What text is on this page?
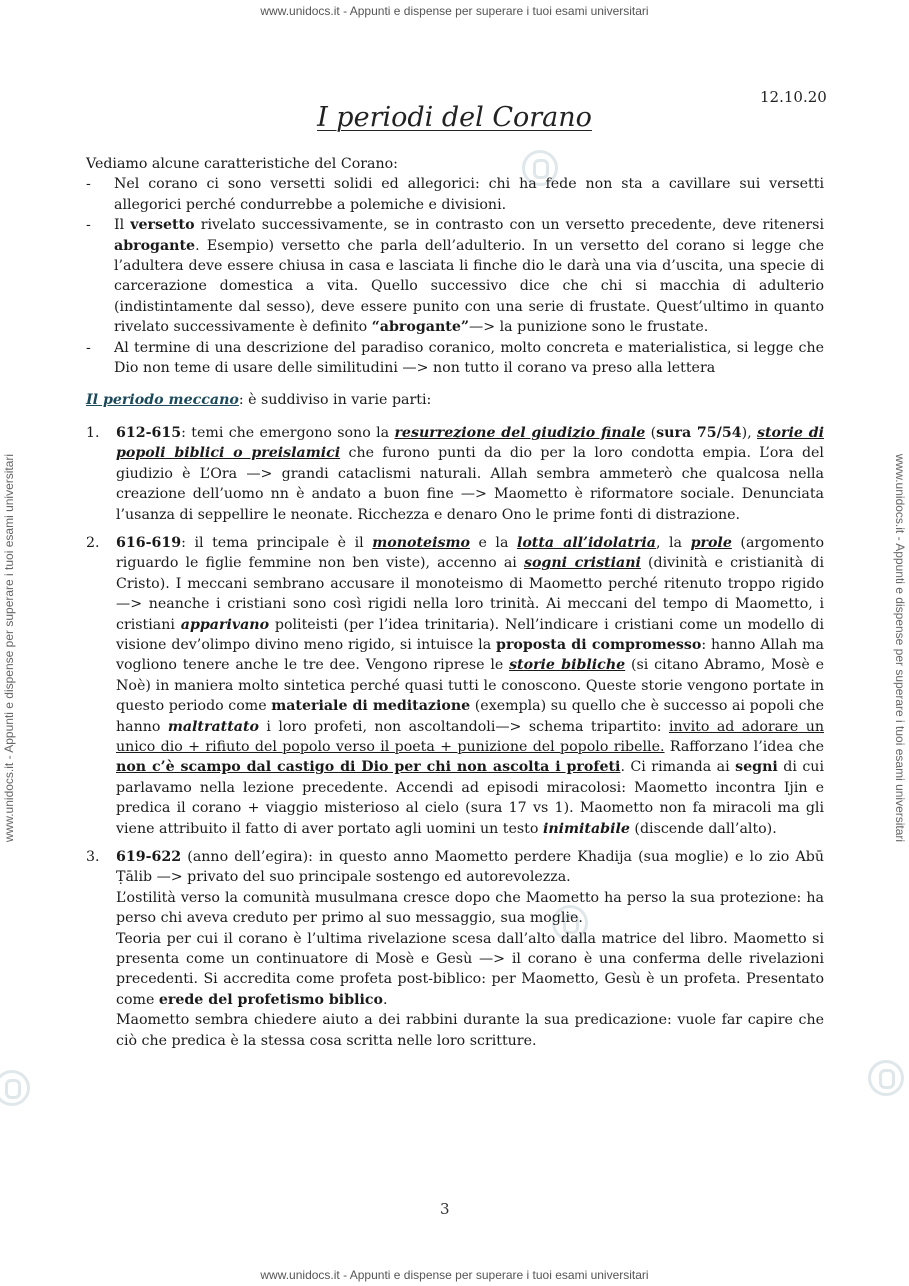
www.unidocs.it - Appunti e dispense per superare i tuoi esami universitari
www.unidocs.it - Appunti e dispense per superare i tuoi esami universitari
www.unidocs.it - Appunti e dispense per superare i tuoi esami universitari	www.unidocs.it - Appunti e dispense per superare i tuoi esami universitari
12.10.20
I periodi del Corano

Vediamo alcune caratteristiche del Corano:

- Nel corano ci sono versetti solidi ed allegorici: chi ha fede non sta a cavillare sui versetti allegorici perché condurrebbe a polemiche e divisioni.
- Il versetto rivelato successivamente, se in contrasto con un versetto precedente, deve ritenersi abrogante. Esempio) versetto che parla dell’adulterio. In un versetto del corano si legge che l’adultera deve essere chiusa in casa e lasciata li finche dio le darà una via d’uscita, una specie di carcerazione domestica a vita. Quello successivo dice che chi si macchia di adulterio (indistintamente dal sesso), deve essere punito con una serie di frustate. Quest’ultimo in quanto rivelato successivamente è definito “abrogante”—> la punizione sono le frustate.
- Al termine di una descrizione del paradiso coranico, molto concreta e materialistica, si legge che Dio non teme di usare delle similitudini —> non tutto il corano va preso alla lettera

Il periodo meccano: è suddiviso in varie parti:

1. 612-615: temi che emergono sono la resurrezione del giudizio finale (sura 75/54), storie di popoli biblici o preislamici che furono punti da dio per la loro condotta empia. L’ora del giudizio è L’Ora —> grandi cataclismi naturali. Allah sembra ammeterò che qualcosa nella creazione dell’uomo nn è andato a buon fine —> Maometto è riformatore sociale. Denunciata l’usanza di seppellire le neonate. Ricchezza e denaro Ono le prime fonti di distrazione.
2. 616-619: il tema principale è il monoteismo e la lotta all’idolatria, la prole (argomento riguardo le figlie femmine non ben viste), accenno ai sogni cristiani (divinità e cristianità di Cristo). I meccani sembrano accusare il monoteismo di Maometto perché ritenuto troppo rigido —> neanche i cristiani sono così rigidi nella loro trinità. Ai meccani del tempo di Maometto, i cristiani apparivano politeisti (per l’idea trinitaria). Nell’indicare i cristiani come un modello di visione dev’olimpo divino meno rigido, si intuisce la proposta di compromesso: hanno Allah ma vogliono tenere anche le tre dee. Vengono riprese le storie bibliche (si citano Abramo, Mosè e Noè) in maniera molto sintetica perché quasi tutti le conoscono. Queste storie vengono portate in questo periodo come materiale di meditazione (exempla) su quello che è successo ai popoli che hanno maltrattato i loro profeti, non ascoltandoli—> schema tripartito: invito ad adorare un unico dio + rifiuto del popolo verso il poeta + punizione del popolo ribelle. Rafforzano l’idea che non c’è scampo dal castigo di Dio per chi non ascolta i profeti. Ci rimanda ai segni di cui parlavamo nella lezione precedente. Accendi ad episodi miracolosi: Maometto incontra Ijin e predica il corano + viaggio misterioso al cielo (sura 17 vs 1). Maometto non fa miracoli ma gli viene attribuito il fatto di aver portato agli uomini un testo inimitabile (discende dall’alto).
3. 619-622 (anno dell’egira): in questo anno Maometto perdere Khadija (sua moglie) e lo zio Abū Ṭālib —> privato del suo principale sostengo ed autorevolezza.
L’ostilità verso la comunità musulmana cresce dopo che Maometto ha perso la sua protezione: ha perso chi aveva creduto per primo al suo messaggio, sua moglie.
Teoria per cui il corano è l’ultima rivelazione scesa dall’alto dalla matrice del libro. Maometto si presenta come un continuatore di Mosè e Gesù —> il corano è una conferma delle rivelazioni precedenti. Si accredita come profeta post-biblico: per Maometto, Gesù è un profeta. Presentato come erede del profetismo biblico.
Maometto sembra chiedere aiuto a dei rabbini durante la sua predicazione: vuole far capire che ciò che predica è la stessa cosa scritta nelle loro scritture.
3
